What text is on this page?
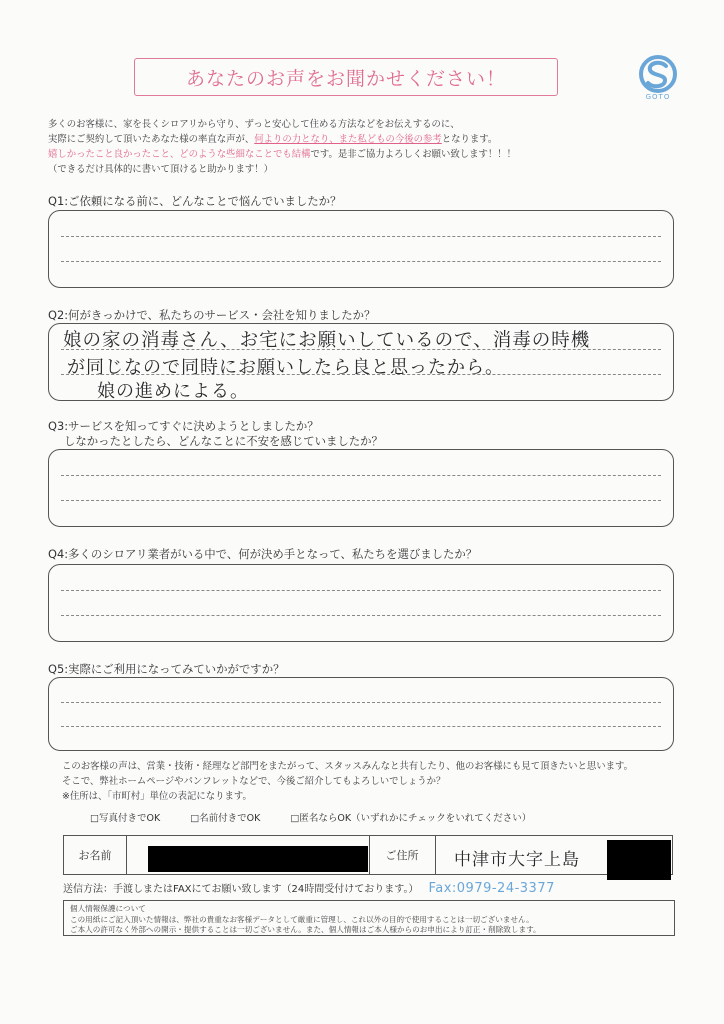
あなたのお声をお聞かせください！
GOTO
多くのお客様に、家を長くシロアリから守り、ずっと安心して住める方法などをお伝えするのに、
実際にご契約して頂いたあなた様の率直な声が、何よりの力となり、また私どもの今後の参考となります。
嬉しかったこと良かったこと、どのような些細なことでも結構です。是非ご協力よろしくお願い致します！！！
（できるだけ具体的に書いて頂けると助かります！）
Q1:ご依頼になる前に、どんなことで悩んでいましたか？
Q2:何がきっかけで、私たちのサービス・会社を知りましたか？
娘の家の消毒さん、お宅にお願いしているので、消毒の時機
が同じなので同時にお願いしたら良と思ったから。
娘の進めによる。
Q3:サービスを知ってすぐに決めようとしましたか？
しなかったとしたら、どんなことに不安を感じていましたか？
Q4:多くのシロアリ業者がいる中で、何が決め手となって、私たちを選びましたか？
Q5:実際にご利用になってみていかがですか？
このお客様の声は、営業・技術・経理など部門をまたがって、スタッスみんなと共有したり、他のお客様にも見て頂きたいと思います。
そこで、弊社ホームページやパンフレットなどで、今後ご紹介してもよろしいでしょうか？
※住所は、「市町村」単位の表記になります。
□写真付きでOK	□名前付きでOK	□匿名ならOK（いずれかにチェックをいれてください）
お名前	ご住所	中津市大字上島
送信方法：手渡しまたはFAXにてお願い致します（24時間受付けております。） Fax:0979-24-3377
個人情報保護について
この用紙にご記入頂いた情報は、弊社の貴重なお客様データとして厳重に管理し、これ以外の目的で使用することは一切ございません。
ご本人の許可なく外部への開示・提供することは一切ございません。また、個人情報はご本人様からのお申出により訂正・削除致します。
